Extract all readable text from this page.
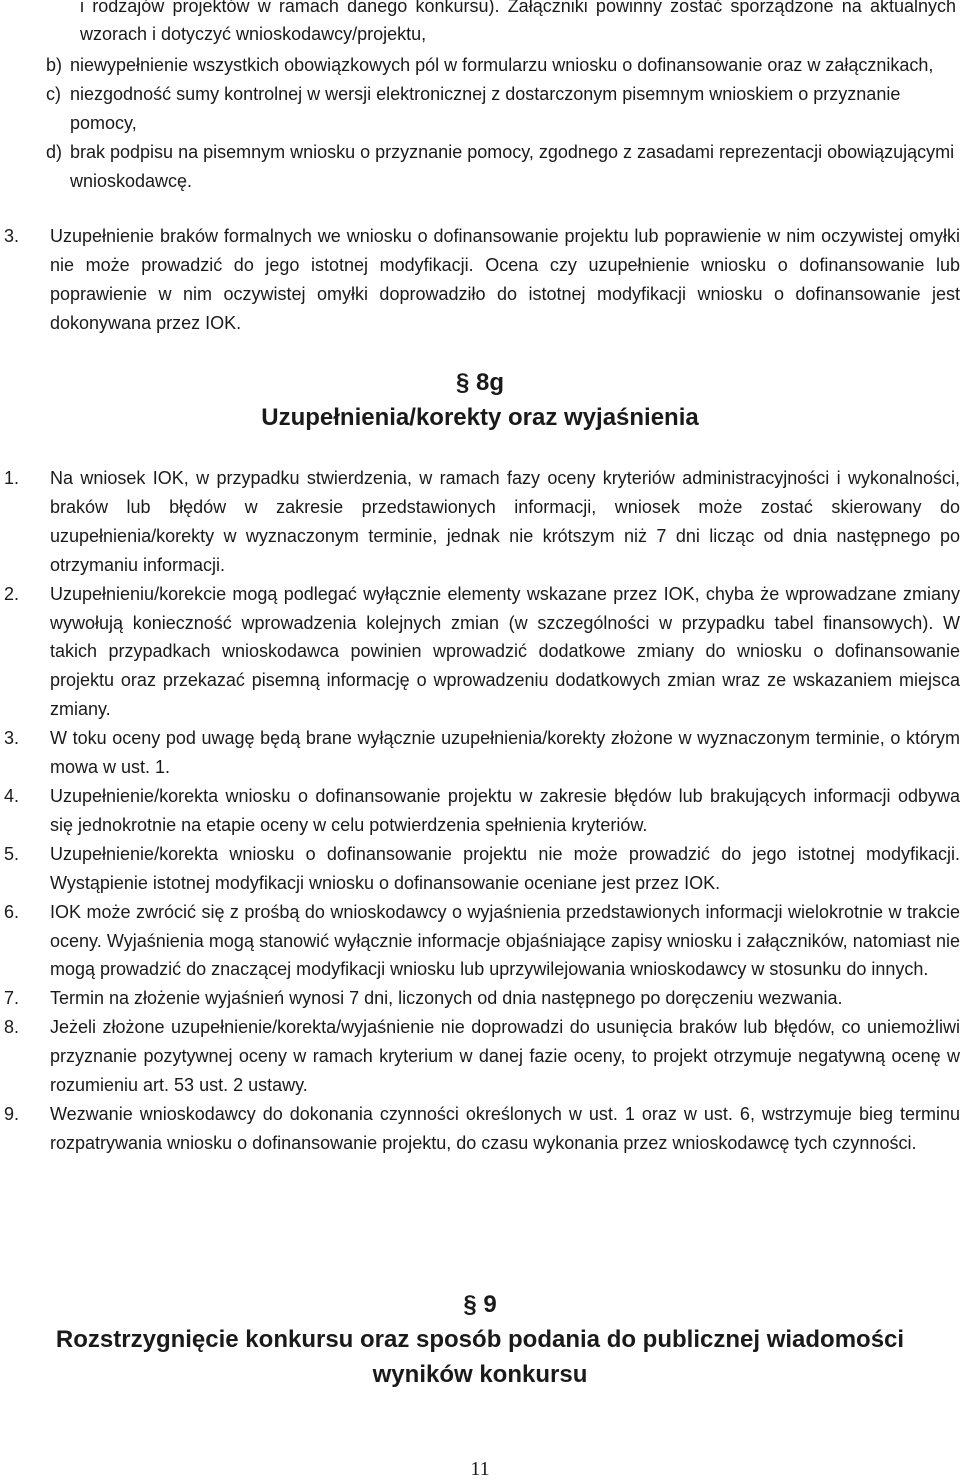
i rodzajów projektów w ramach danego konkursu). Załączniki powinny zostać sporządzone na aktualnych wzorach i dotyczyć wnioskodawcy/projektu,

b) niewypełnienie wszystkich obowiązkowych pól w formularzu wniosku o dofinansowanie oraz w załącznikach,
c) niezgodność sumy kontrolnej w wersji elektronicznej z dostarczonym pisemnym wnioskiem o przyznanie pomocy,
d) brak podpisu na pisemnym wniosku o przyznanie pomocy, zgodnego z zasadami reprezentacji obowiązującymi wnioskodawcę.
3. Uzupełnienie braków formalnych we wniosku o dofinansowanie projektu lub poprawienie w nim oczywistej omyłki nie może prowadzić do jego istotnej modyfikacji. Ocena czy uzupełnienie wniosku o dofinansowanie lub poprawienie w nim oczywistej omyłki doprowadziło do istotnej modyfikacji wniosku o dofinansowanie jest dokonywana przez IOK.
§ 8g
Uzupełnienia/korekty oraz wyjaśnienia
1. Na wniosek IOK, w przypadku stwierdzenia, w ramach fazy oceny kryteriów administracyjności i wykonalności, braków lub błędów w zakresie przedstawionych informacji, wniosek może zostać skierowany do uzupełnienia/korekty w wyznaczonym terminie, jednak nie krótszym niż 7 dni licząc od dnia następnego po otrzymaniu informacji.
2. Uzupełnieniu/korekcie mogą podlegać wyłącznie elementy wskazane przez IOK, chyba że wprowadzane zmiany wywołują konieczność wprowadzenia kolejnych zmian (w szczególności w przypadku tabel finansowych). W takich przypadkach wnioskodawca powinien wprowadzić dodatkowe zmiany do wniosku o dofinansowanie projektu oraz przekazać pisemną informację o wprowadzeniu dodatkowych zmian wraz ze wskazaniem miejsca zmiany.
3. W toku oceny pod uwagę będą brane wyłącznie uzupełnienia/korekty złożone w wyznaczonym terminie, o którym mowa w ust. 1.
4. Uzupełnienie/korekta wniosku o dofinansowanie projektu w zakresie błędów lub brakujących informacji odbywa się jednokrotnie na etapie oceny w celu potwierdzenia spełnienia kryteriów.
5. Uzupełnienie/korekta wniosku o dofinansowanie projektu nie może prowadzić do jego istotnej modyfikacji. Wystąpienie istotnej modyfikacji wniosku o dofinansowanie oceniane jest przez IOK.
6. IOK może zwrócić się z prośbą do wnioskodawcy o wyjaśnienia przedstawionych informacji wielokrotnie w trakcie oceny. Wyjaśnienia mogą stanowić wyłącznie informacje objaśniające zapisy wniosku i załączników, natomiast nie mogą prowadzić do znaczącej modyfikacji wniosku lub uprzywilejowania wnioskodawcy w stosunku do innych.
7. Termin na złożenie wyjaśnień wynosi 7 dni, liczonych od dnia następnego po doręczeniu wezwania.
8. Jeżeli złożone uzupełnienie/korekta/wyjaśnienie nie doprowadzi do usunięcia braków lub błędów, co uniemożliwi przyznanie pozytywnej oceny w ramach kryterium w danej fazie oceny, to projekt otrzymuje negatywną ocenę w rozumieniu art. 53 ust. 2 ustawy.
9. Wezwanie wnioskodawcy do dokonania czynności określonych w ust. 1 oraz w ust. 6, wstrzymuje bieg terminu rozpatrywania wniosku o dofinansowanie projektu, do czasu wykonania przez wnioskodawcę tych czynności.
§ 9
Rozstrzygnięcie konkursu oraz sposób podania do publicznej wiadomości
wyników konkursu
11
